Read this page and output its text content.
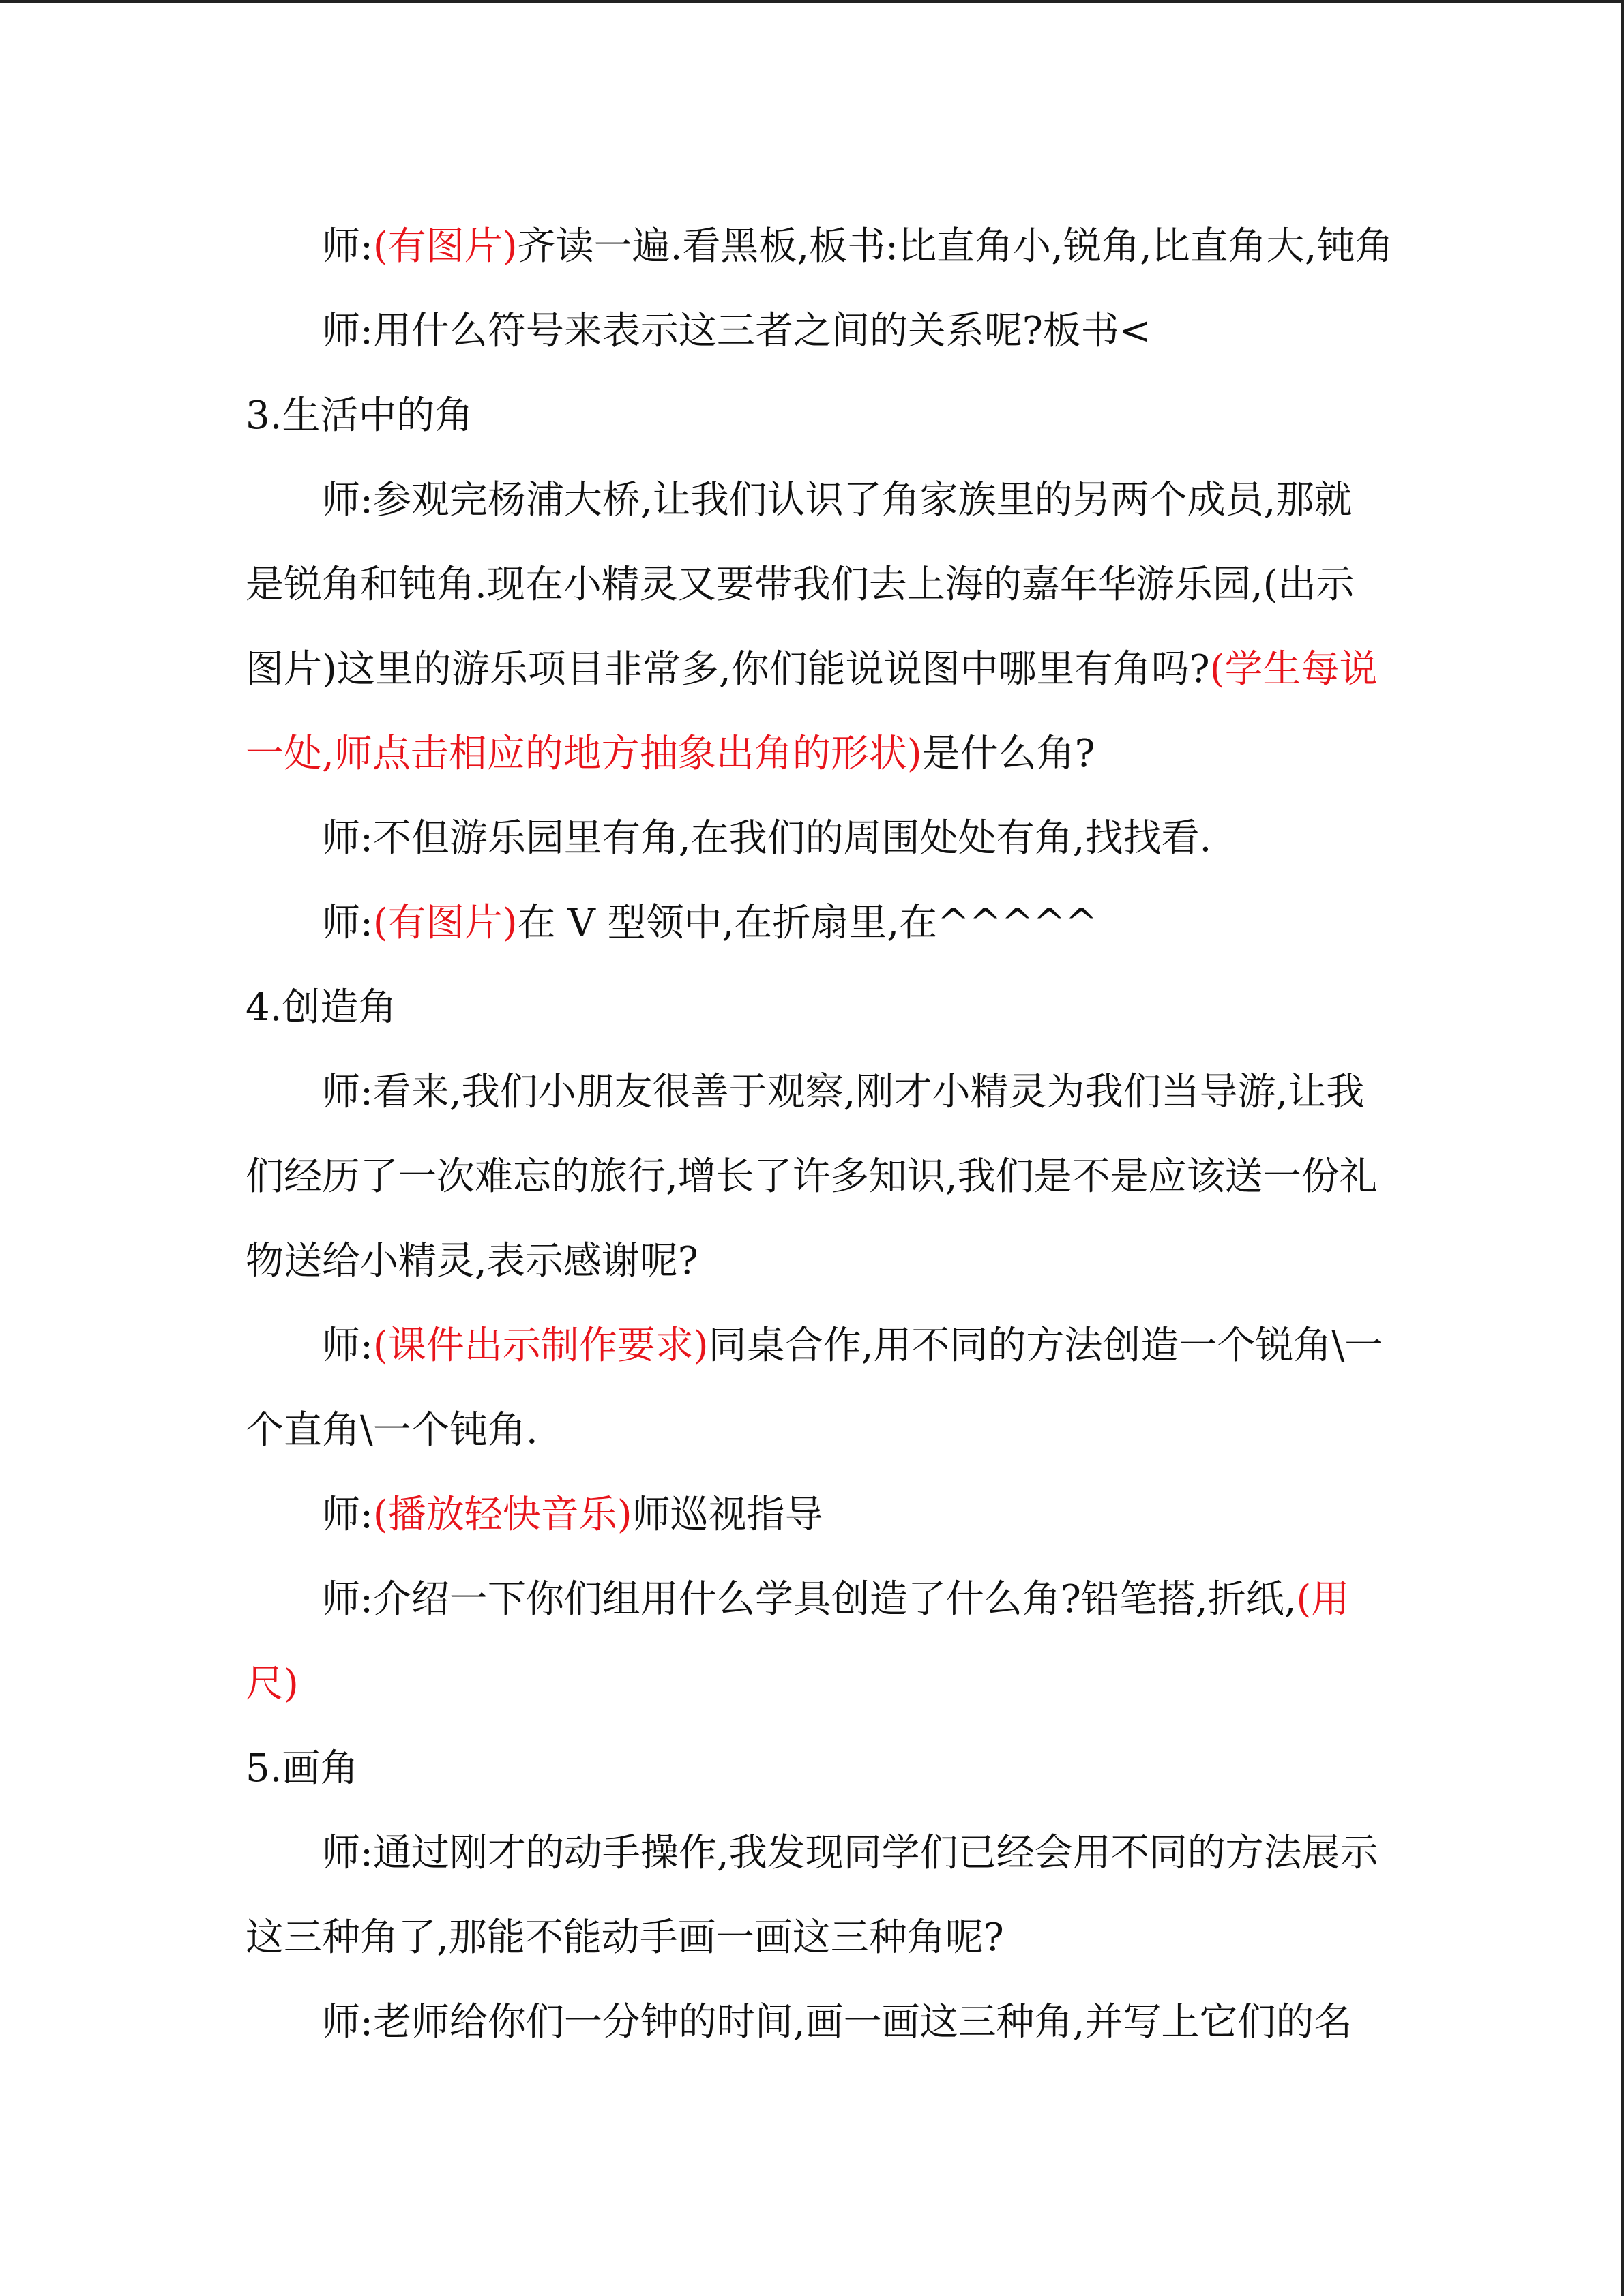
师:(有图片)齐读一遍.看黑板,板书:比直角小,锐角,比直角大,钝角
师:用什么符号来表示这三者之间的关系呢?板书<
3.生活中的角
师:参观完杨浦大桥,让我们认识了角家族里的另两个成员,那就
是锐角和钝角.现在小精灵又要带我们去上海的嘉年华游乐园,(出示
图片)这里的游乐项目非常多,你们能说说图中哪里有角吗?(学生每说
一处,师点击相应的地方抽象出角的形状)是什么角?
师:不但游乐园里有角,在我们的周围处处有角,找找看.
师:(有图片)在 V 型领中,在折扇里,在^^^^^
4.创造角
师:看来,我们小朋友很善于观察,刚才小精灵为我们当导游,让我
们经历了一次难忘的旅行,增长了许多知识,我们是不是应该送一份礼
物送给小精灵,表示感谢呢?
师:(课件出示制作要求)同桌合作,用不同的方法创造一个锐角\一
个直角\一个钝角.
师:(播放轻快音乐)师巡视指导
师:介绍一下你们组用什么学具创造了什么角?铅笔搭,折纸,(用
尺)
5.画角
师:通过刚才的动手操作,我发现同学们已经会用不同的方法展示
这三种角了,那能不能动手画一画这三种角呢?
师:老师给你们一分钟的时间,画一画这三种角,并写上它们的名
